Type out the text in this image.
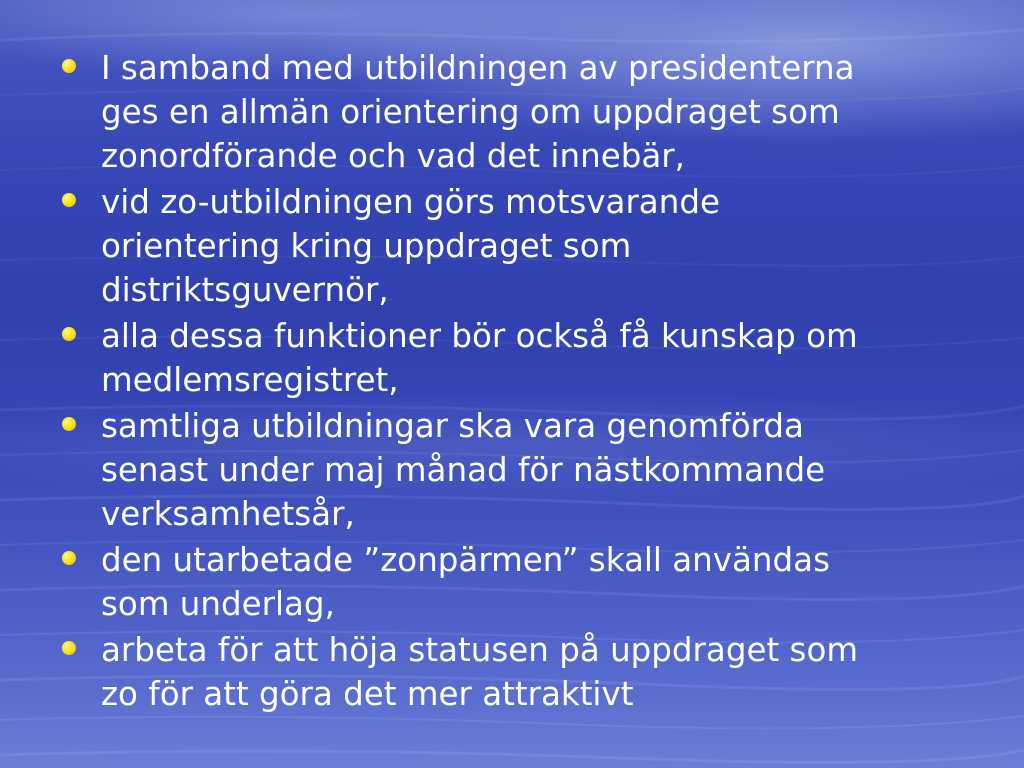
I samband med utbildningen av presidenterna
ges en allmän orientering om uppdraget som
zonordförande och vad det innebär,
vid zo-utbildningen görs motsvarande
orientering kring uppdraget som
distriktsguvernör,
alla dessa funktioner bör också få kunskap om
medlemsregistret,
samtliga utbildningar ska vara genomförda
senast under maj månad för nästkommande
verksamhetsår,
den utarbetade ”zonpärmen” skall användas
som underlag,
arbeta för att höja statusen på uppdraget som
zo för att göra det mer attraktivt
